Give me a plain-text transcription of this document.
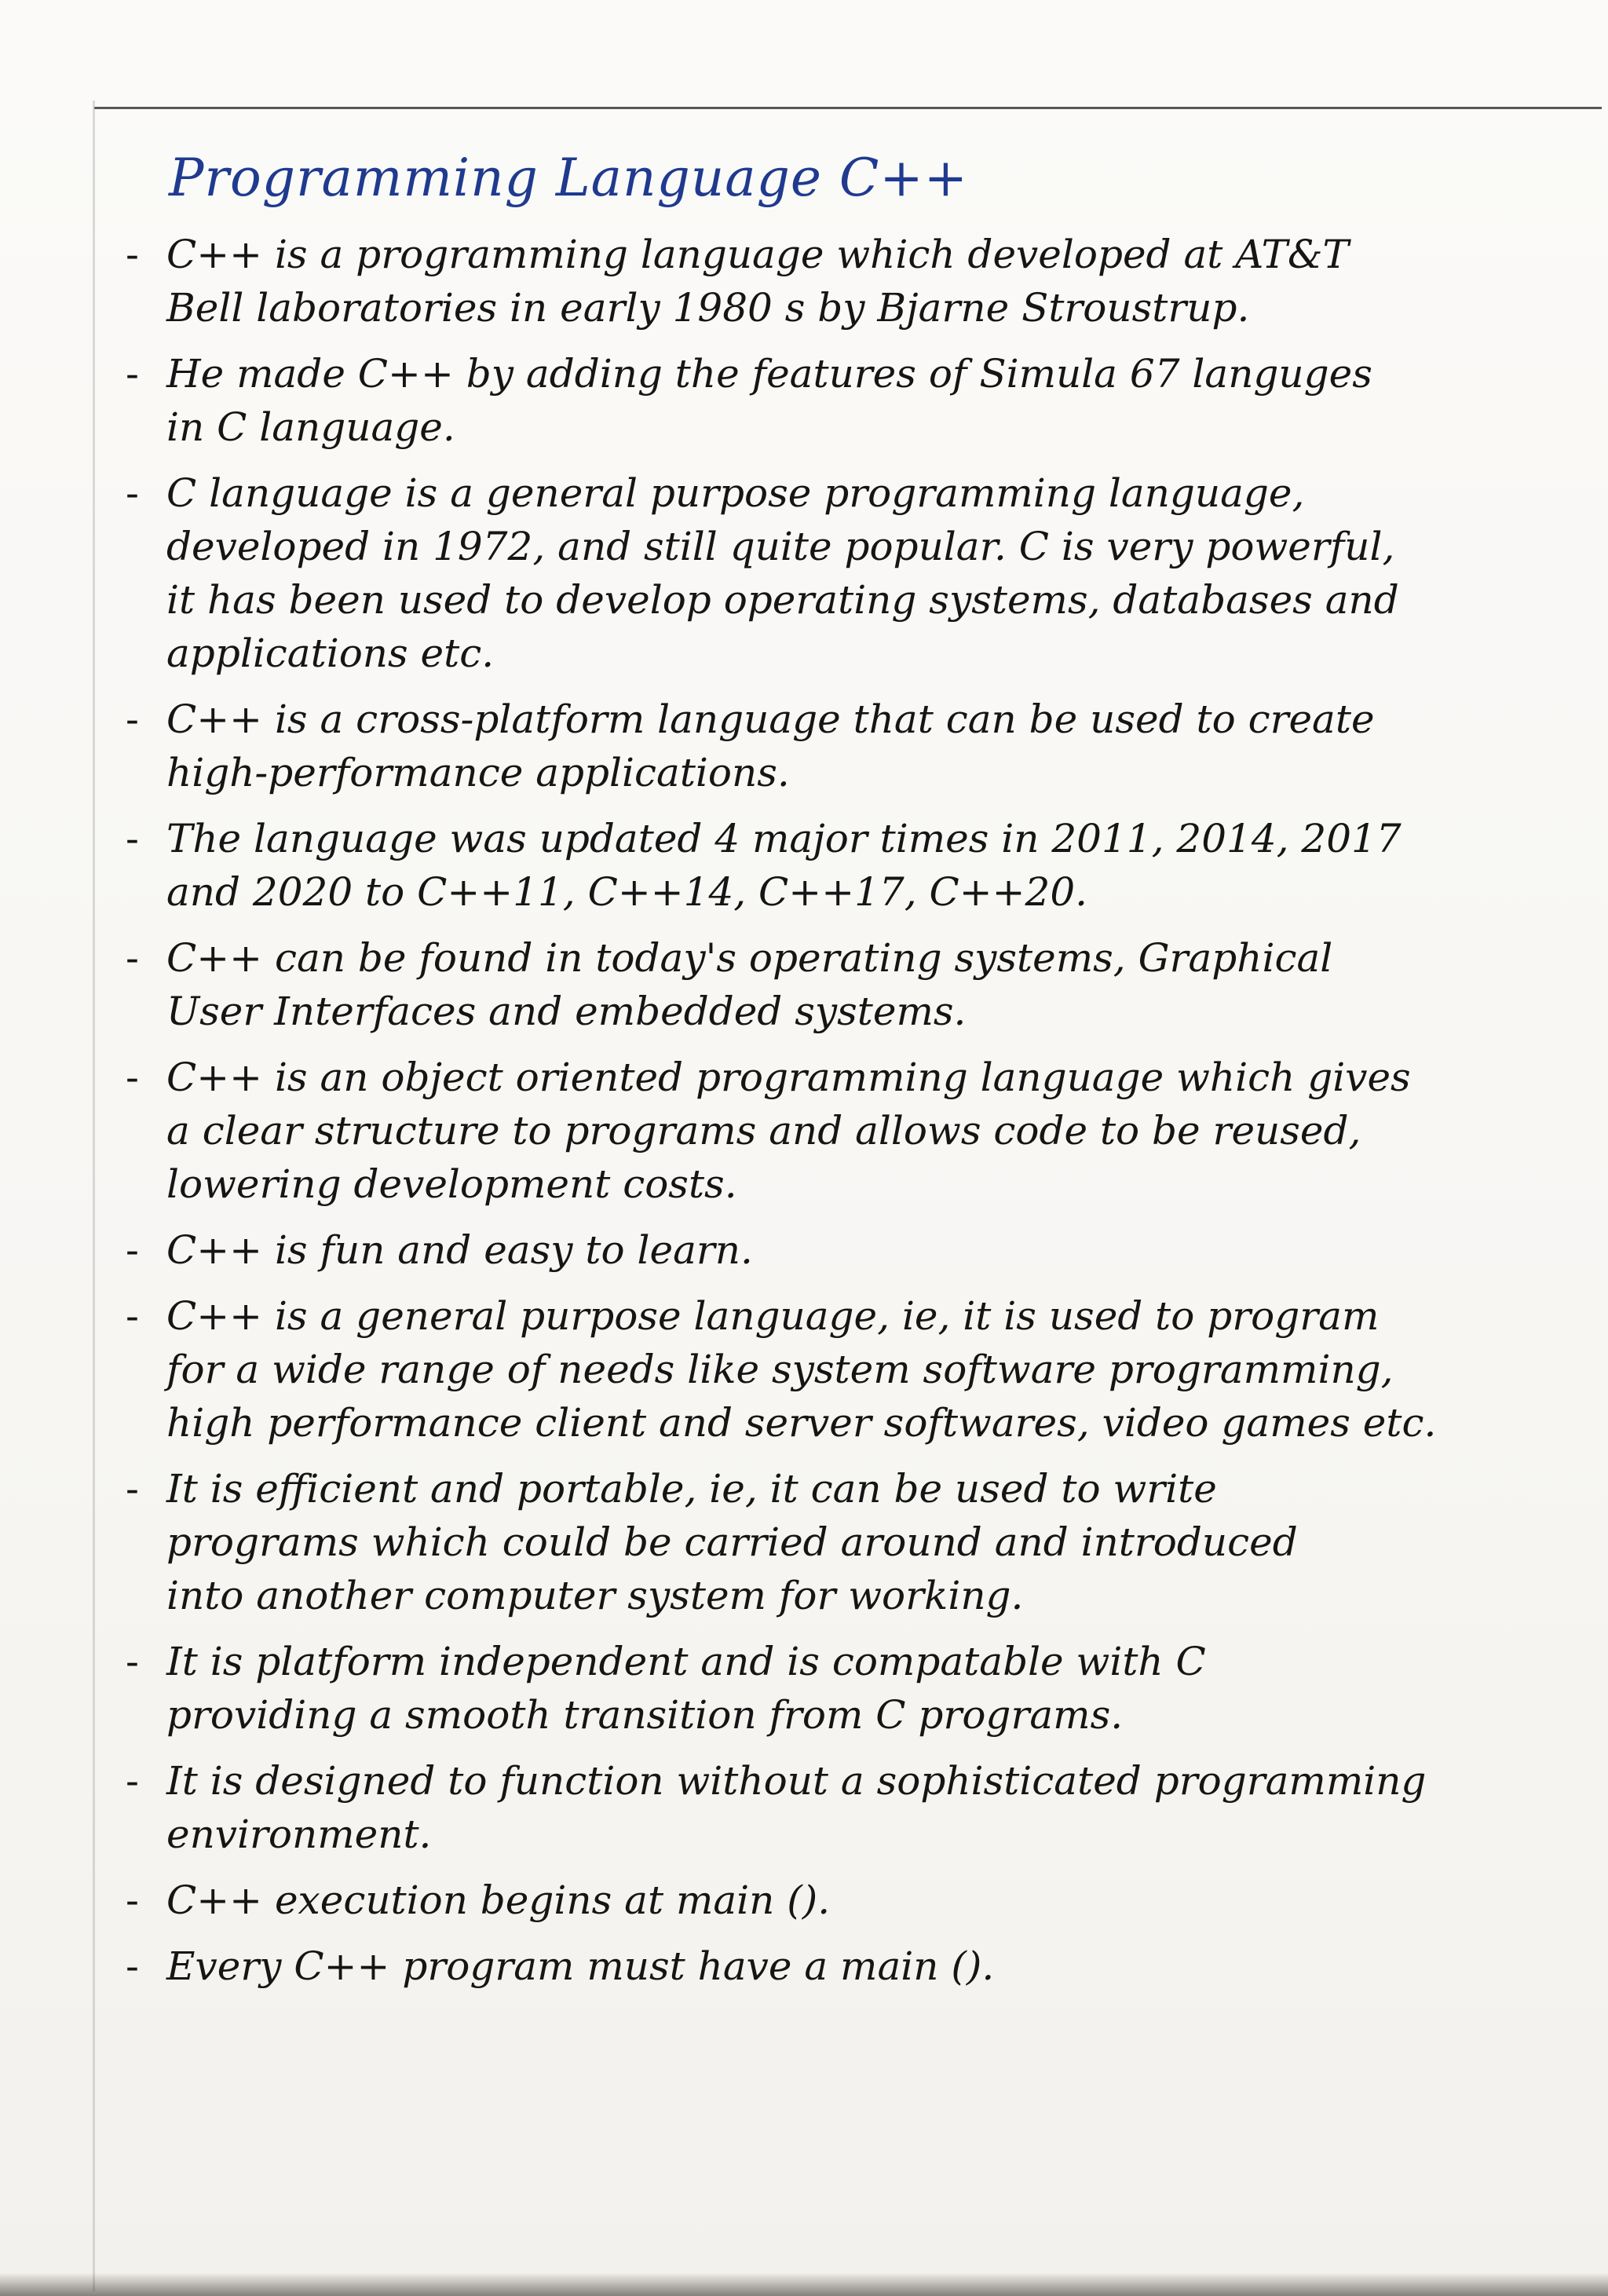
Programming Language C++
- C++ is a programming language which developed at AT&T
Bell laboratories in early 1980 s by Bjarne Stroustrup.
- He made C++ by adding the features of Simula 67 languges
in C language.
- C language is a general purpose programming language,
developed in 1972, and still quite popular. C is very powerful,
it has been used to develop operating systems, databases and
applications etc.
- C++ is a cross-platform language that can be used to create
high-performance applications.
- The language was updated 4 major times in 2011, 2014, 2017
and 2020 to C++11, C++14, C++17, C++20.
- C++ can be found in today's operating systems, Graphical
User Interfaces and embedded systems.
- C++ is an object oriented programming language which gives
a clear structure to programs and allows code to be reused,
lowering development costs.
- C++ is fun and easy to learn.
- C++ is a general purpose language, ie, it is used to program
for a wide range of needs like system software programming,
high performance client and server softwares, video games etc.
- It is efficient and portable, ie, it can be used to write
programs which could be carried around and introduced
into another computer system for working.
- It is platform independent and is compatable with C
providing a smooth transition from C programs.
- It is designed to function without a sophisticated programming
environment.
- C++ execution begins at main ().
- Every C++ program must have a main ().
